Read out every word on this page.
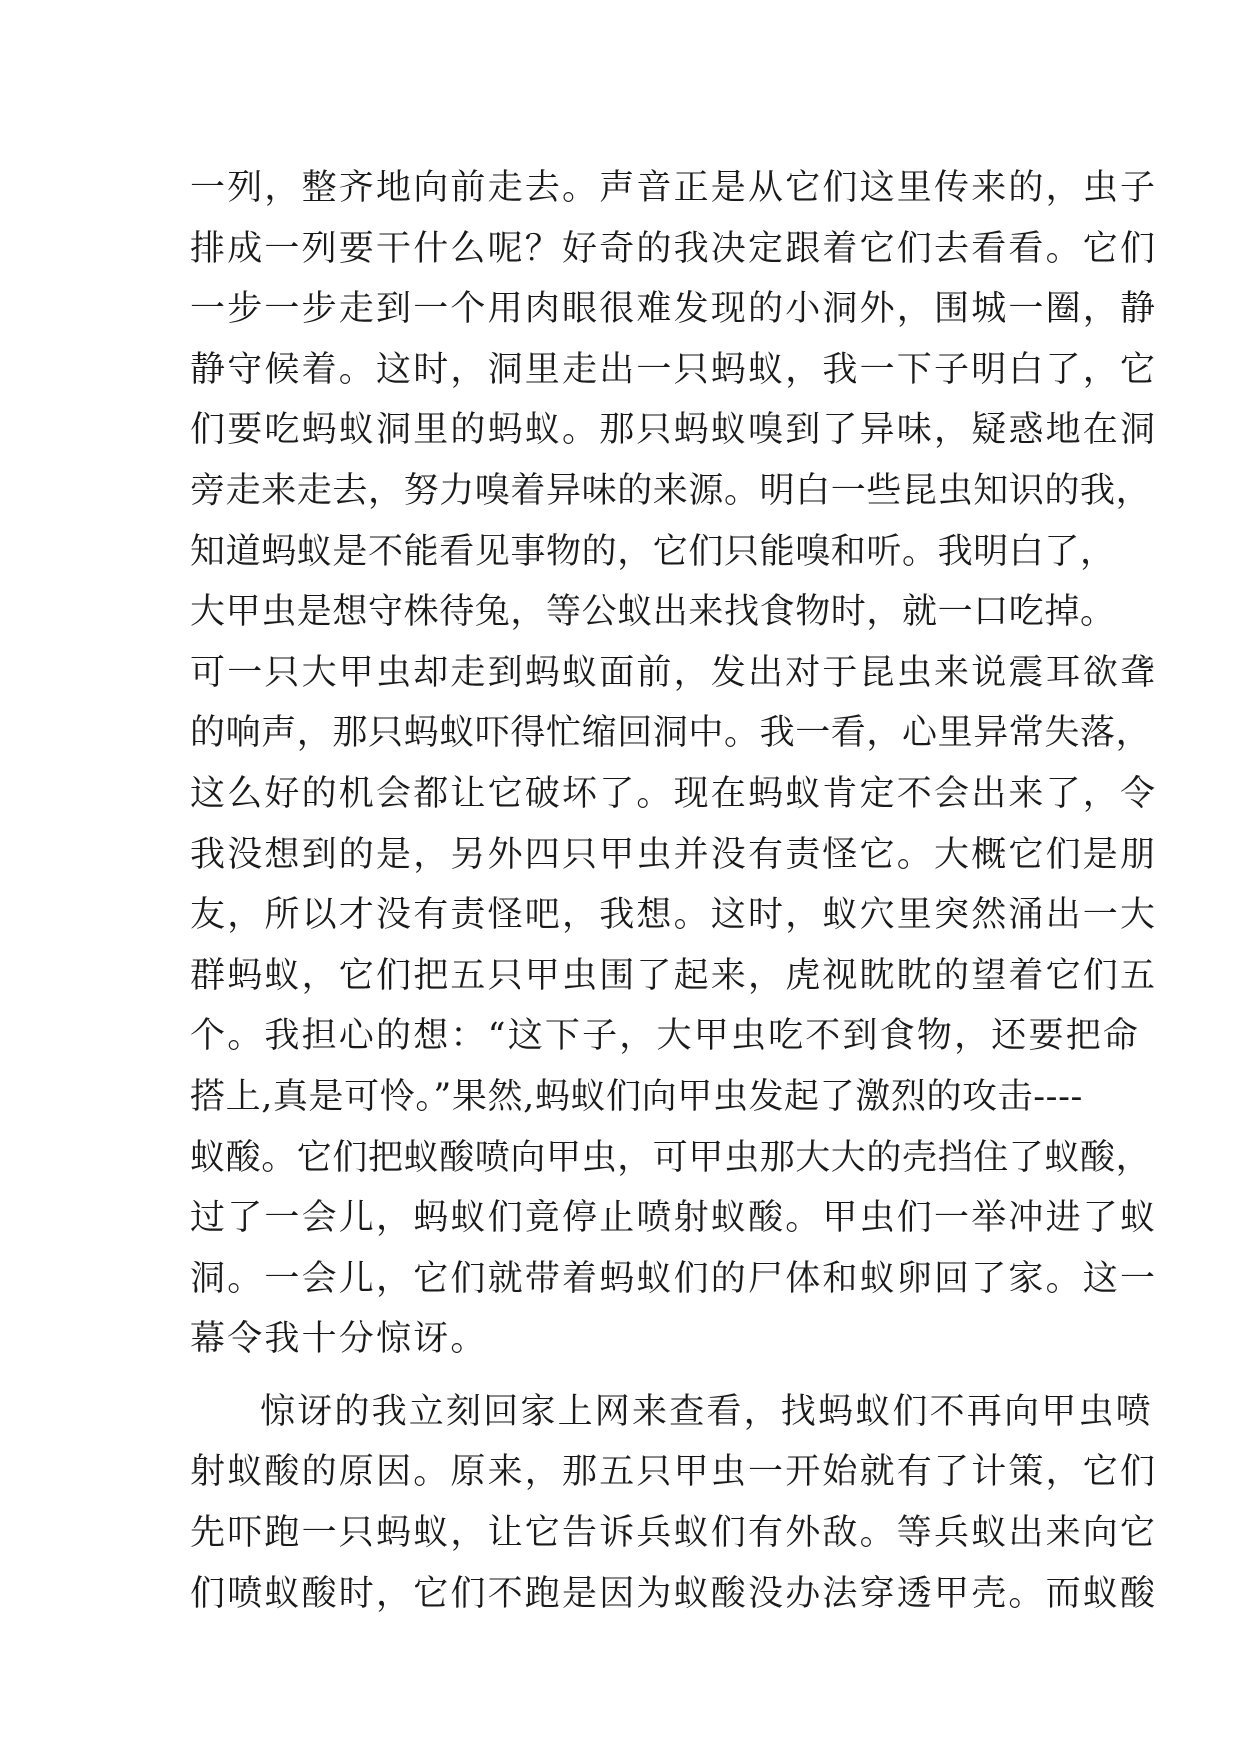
一列，整齐地向前走去。声音正是从它们这里传来的，虫子
排成一列要干什么呢？好奇的我决定跟着它们去看看。它们
一步一步走到一个用肉眼很难发现的小洞外，围城一圈，静
静守候着。这时，洞里走出一只蚂蚁，我一下子明白了，它
们要吃蚂蚁洞里的蚂蚁。那只蚂蚁嗅到了异味，疑惑地在洞
旁走来走去，努力嗅着异味的来源。明白一些昆虫知识的我，
知道蚂蚁是不能看见事物的，它们只能嗅和听。我明白了，
大甲虫是想守株待兔，等公蚁出来找食物时，就一口吃掉。
可一只大甲虫却走到蚂蚁面前，发出对于昆虫来说震耳欲聋
的响声，那只蚂蚁吓得忙缩回洞中。我一看，心里异常失落，
这么好的机会都让它破坏了。现在蚂蚁肯定不会出来了，令
我没想到的是，另外四只甲虫并没有责怪它。大概它们是朋
友，所以才没有责怪吧，我想。这时，蚁穴里突然涌出一大
群蚂蚁，它们把五只甲虫围了起来，虎视眈眈的望着它们五
个。我担心的想：“这下子，大甲虫吃不到食物，还要把命
搭上,真是可怜。”果然,蚂蚁们向甲虫发起了激烈的攻击----
蚁酸。它们把蚁酸喷向甲虫，可甲虫那大大的壳挡住了蚁酸，
过了一会儿，蚂蚁们竟停止喷射蚁酸。甲虫们一举冲进了蚁
洞。一会儿，它们就带着蚂蚁们的尸体和蚁卵回了家。这一
幕令我十分惊讶。
惊讶的我立刻回家上网来查看，找蚂蚁们不再向甲虫喷
射蚁酸的原因。原来，那五只甲虫一开始就有了计策，它们
先吓跑一只蚂蚁，让它告诉兵蚁们有外敌。等兵蚁出来向它
们喷蚁酸时，它们不跑是因为蚁酸没办法穿透甲壳。而蚁酸
